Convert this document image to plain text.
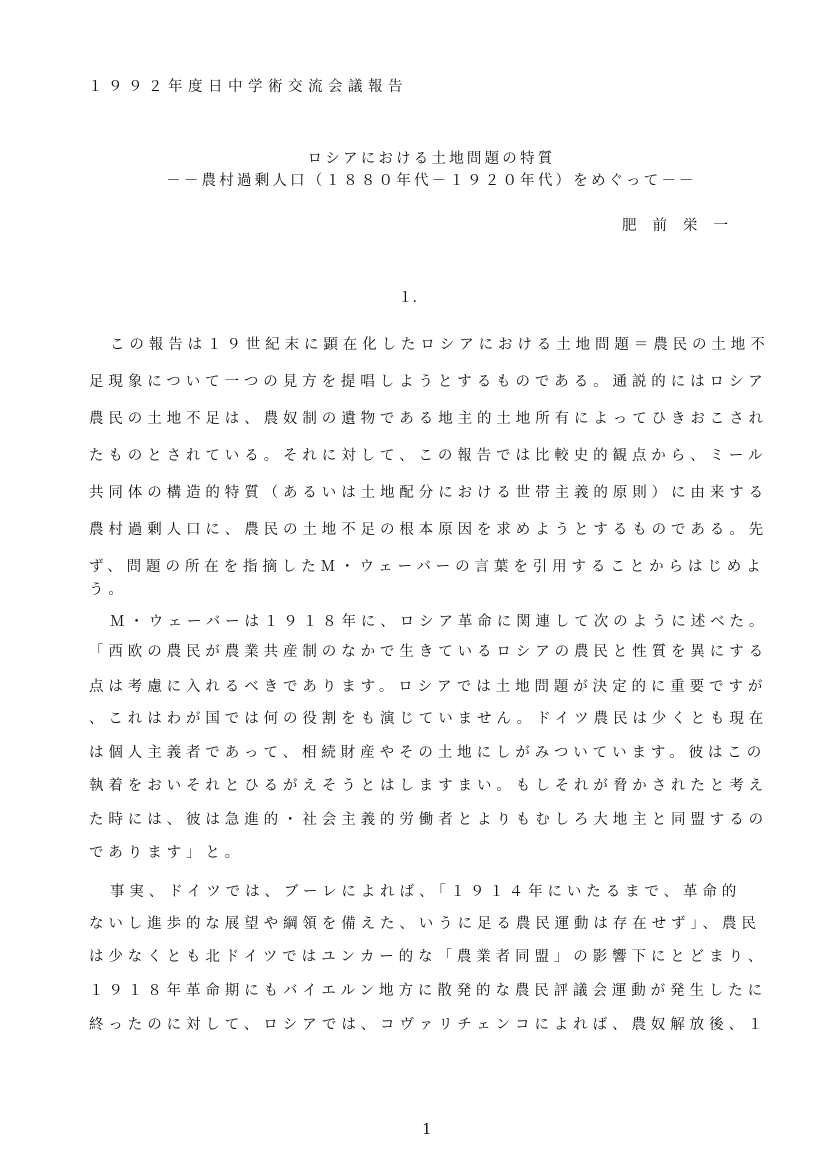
１９９２年度日中学術交流会議報告
ロシアにおける土地問題の特質
－－農村過剰人口（１８８０年代－１９２０年代）をめぐって－－
肥前栄一
１．
この報告は１９世紀末に顕在化したロシアにおける土地問題＝農民の土地不
足現象について一つの見方を提唱しようとするものである。通説的にはロシア
農民の土地不足は、農奴制の遺物である地主的土地所有によってひきおこされ
たものとされている。それに対して、この報告では比較史的観点から、ミール
共同体の構造的特質（あるいは土地配分における世帯主義的原則）に由来する
農村過剰人口に、農民の土地不足の根本原因を求めようとするものである。先
ず、問題の所在を指摘したＭ・ウェーバーの言葉を引用することからはじめよ
う。
Ｍ・ウェーバーは１９１８年に、ロシア革命に関連して次のように述べた。
「西欧の農民が農業共産制のなかで生きているロシアの農民と性質を異にする
点は考慮に入れるべきであります。ロシアでは土地問題が決定的に重要ですが
、これはわが国では何の役割をも演じていません。ドイツ農民は少くとも現在
は個人主義者であって、相続財産やその土地にしがみついています。彼はこの
執着をおいそれとひるがえそうとはしますまい。もしそれが脅かされたと考え
た時には、彼は急進的・社会主義的労働者とよりもむしろ大地主と同盟するの
であります」と。
事実、ドイツでは、ブーレによれば、「１９１４年にいたるまで、革命的
ないし進歩的な展望や綱領を備えた、いうに足る農民運動は存在せず」、農民
は少なくとも北ドイツではユンカー的な「農業者同盟」の影響下にとどまり、
１９１８年革命期にもバイエルン地方に散発的な農民評議会運動が発生したに
終ったのに対して、ロシアでは、コヴァリチェンコによれば、農奴解放後、１
1
